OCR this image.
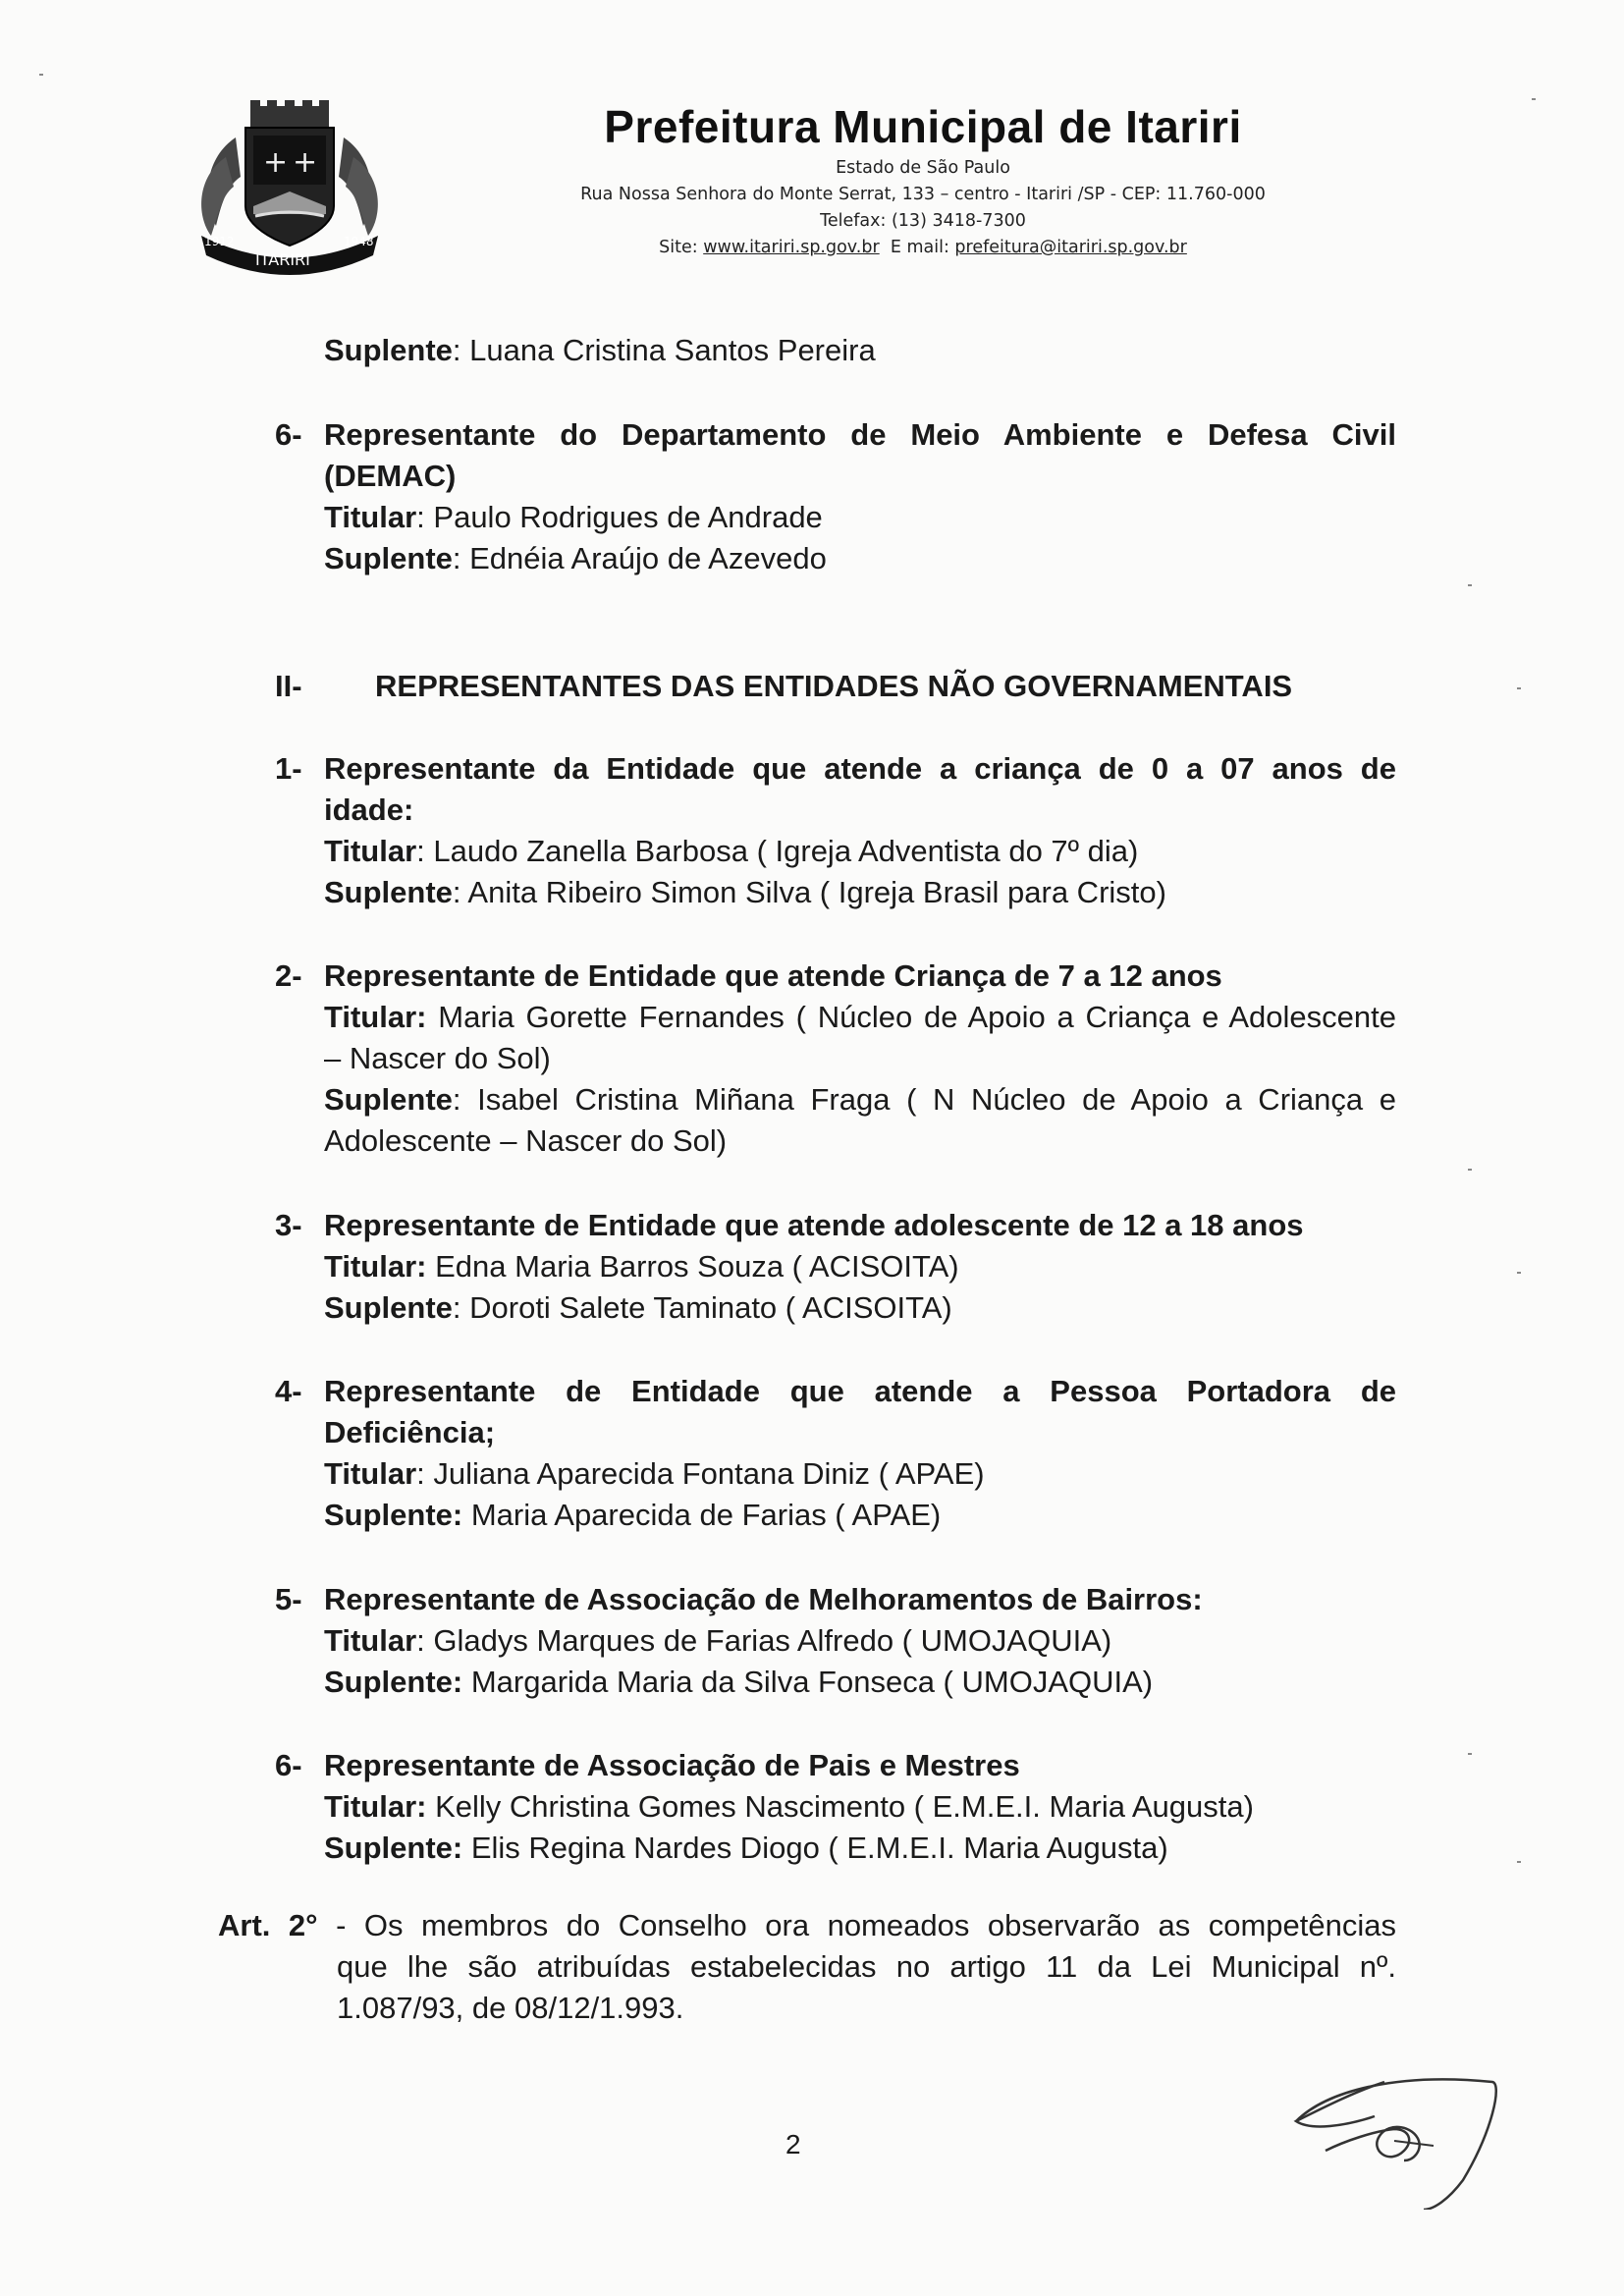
+ +
1912
ITARIRI
1948
Prefeitura Municipal de Itariri
Estado de São Paulo
Rua Nossa Senhora do Monte Serrat, 133 – centro - Itariri /SP - CEP: 11.760-000
Telefax: (13) 3418-7300
Site: www.itariri.sp.gov.br E mail: prefeitura@itariri.sp.gov.br
Suplente: Luana Cristina Santos Pereira
6- Representante do Departamento de Meio Ambiente e Defesa Civil
(DEMAC)
Titular: Paulo Rodrigues de Andrade
Suplente: Ednéia Araújo de Azevedo
II- REPRESENTANTES DAS ENTIDADES NÃO GOVERNAMENTAIS
1- Representante da Entidade que atende a criança de 0 a 07 anos de
idade:
Titular: Laudo Zanella Barbosa ( Igreja Adventista do 7º dia)
Suplente: Anita Ribeiro Simon Silva ( Igreja Brasil para Cristo)
2- Representante de Entidade que atende Criança de 7 a 12 anos
Titular: Maria Gorette Fernandes ( Núcleo de Apoio a Criança e Adolescente
– Nascer do Sol)
Suplente: Isabel Cristina Miñana Fraga ( N Núcleo de Apoio a Criança e
Adolescente – Nascer do Sol)
3- Representante de Entidade que atende adolescente de 12 a 18 anos
Titular: Edna Maria Barros Souza ( ACISOITA)
Suplente: Doroti Salete Taminato ( ACISOITA)
4- Representante de Entidade que atende a Pessoa Portadora de
Deficiência;
Titular: Juliana Aparecida Fontana Diniz ( APAE)
Suplente: Maria Aparecida de Farias ( APAE)
5- Representante de Associação de Melhoramentos de Bairros:
Titular: Gladys Marques de Farias Alfredo ( UMOJAQUIA)
Suplente: Margarida Maria da Silva Fonseca ( UMOJAQUIA)
6- Representante de Associação de Pais e Mestres
Titular: Kelly Christina Gomes Nascimento ( E.M.E.I. Maria Augusta)
Suplente: Elis Regina Nardes Diogo ( E.M.E.I. Maria Augusta)
Art. 2° - Os membros do Conselho ora nomeados observarão as competências
que lhe são atribuídas estabelecidas no artigo 11 da Lei Municipal nº.
1.087/93, de 08/12/1.993.
2
